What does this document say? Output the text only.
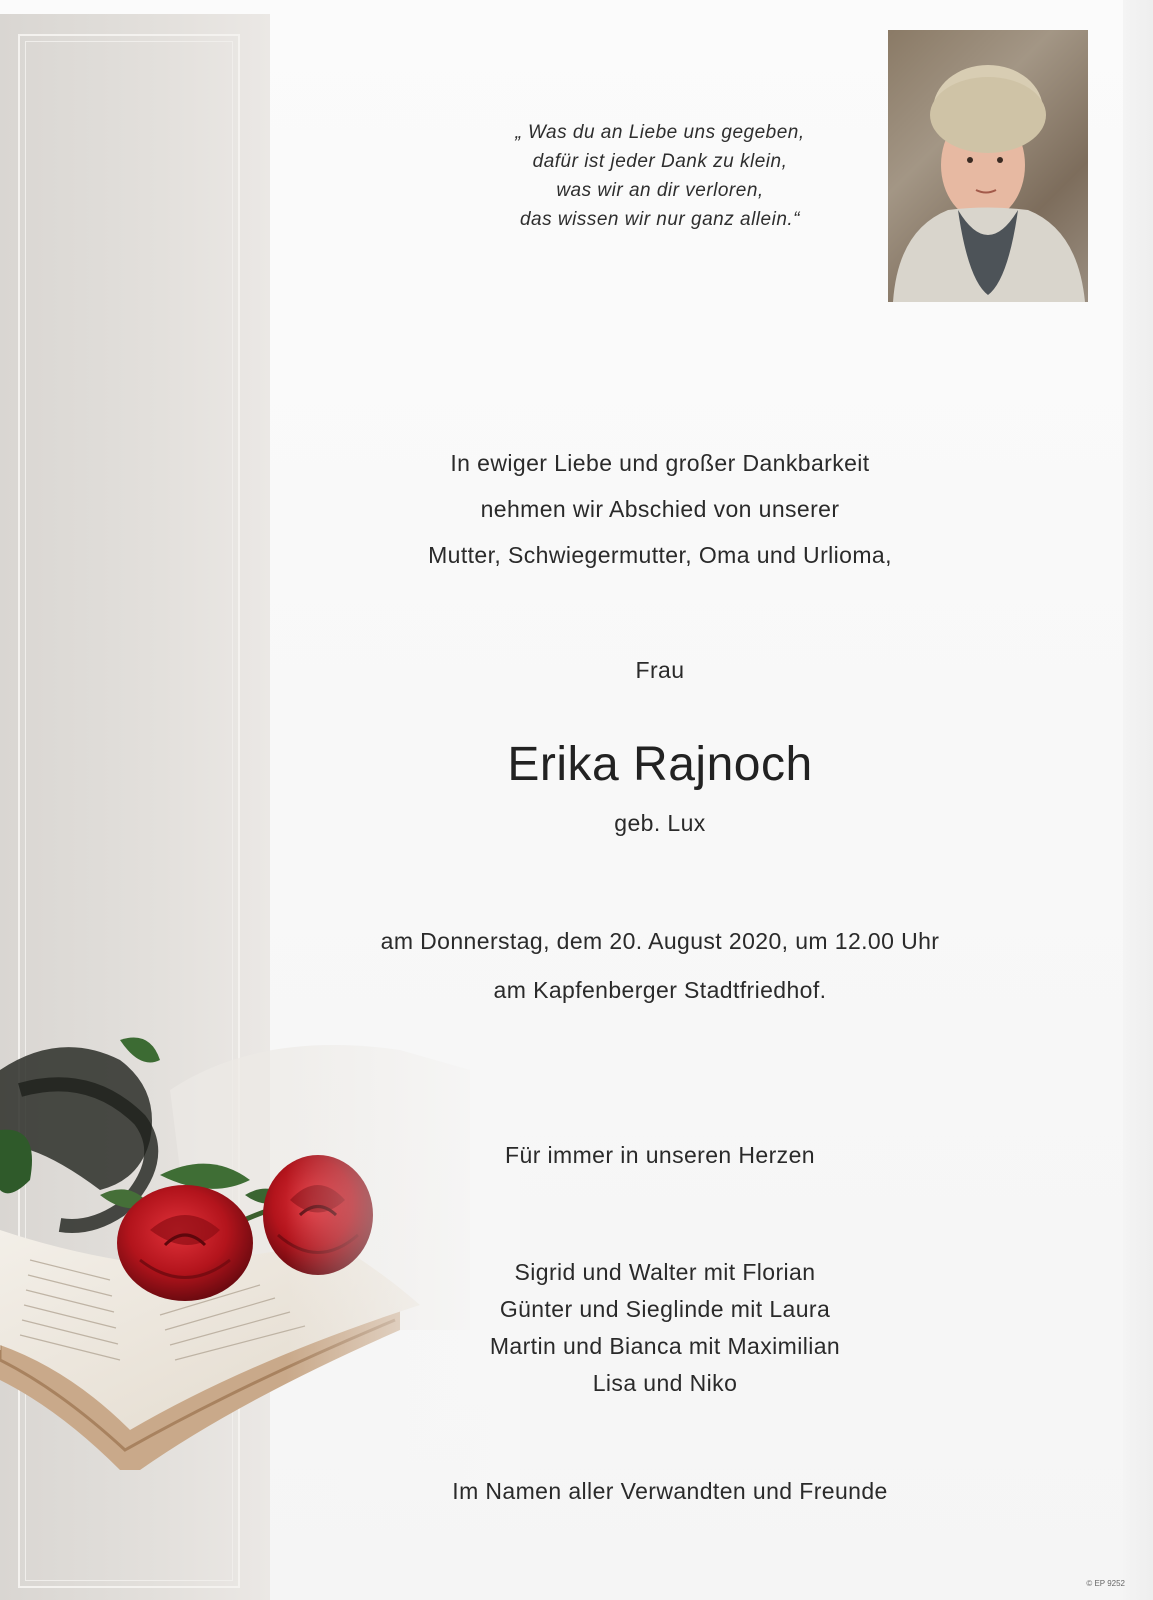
„ Was du an Liebe uns gegeben,
dafür ist jeder Dank zu klein,
was wir an dir verloren,
das wissen wir nur ganz allein.“
In ewiger Liebe und großer Dankbarkeit
nehmen wir Abschied von unserer
Mutter, Schwiegermutter, Oma und Urlioma,
Frau
Erika Rajnoch
geb. Lux
am Donnerstag, dem 20. August 2020, um 12.00 Uhr
am Kapfenberger Stadtfriedhof.
Für immer in unseren Herzen
Sigrid und Walter mit Florian
Günter und Sieglinde mit Laura
Martin und Bianca mit Maximilian
Lisa und Niko
Im Namen aller Verwandten und Freunde
© EP 9252
